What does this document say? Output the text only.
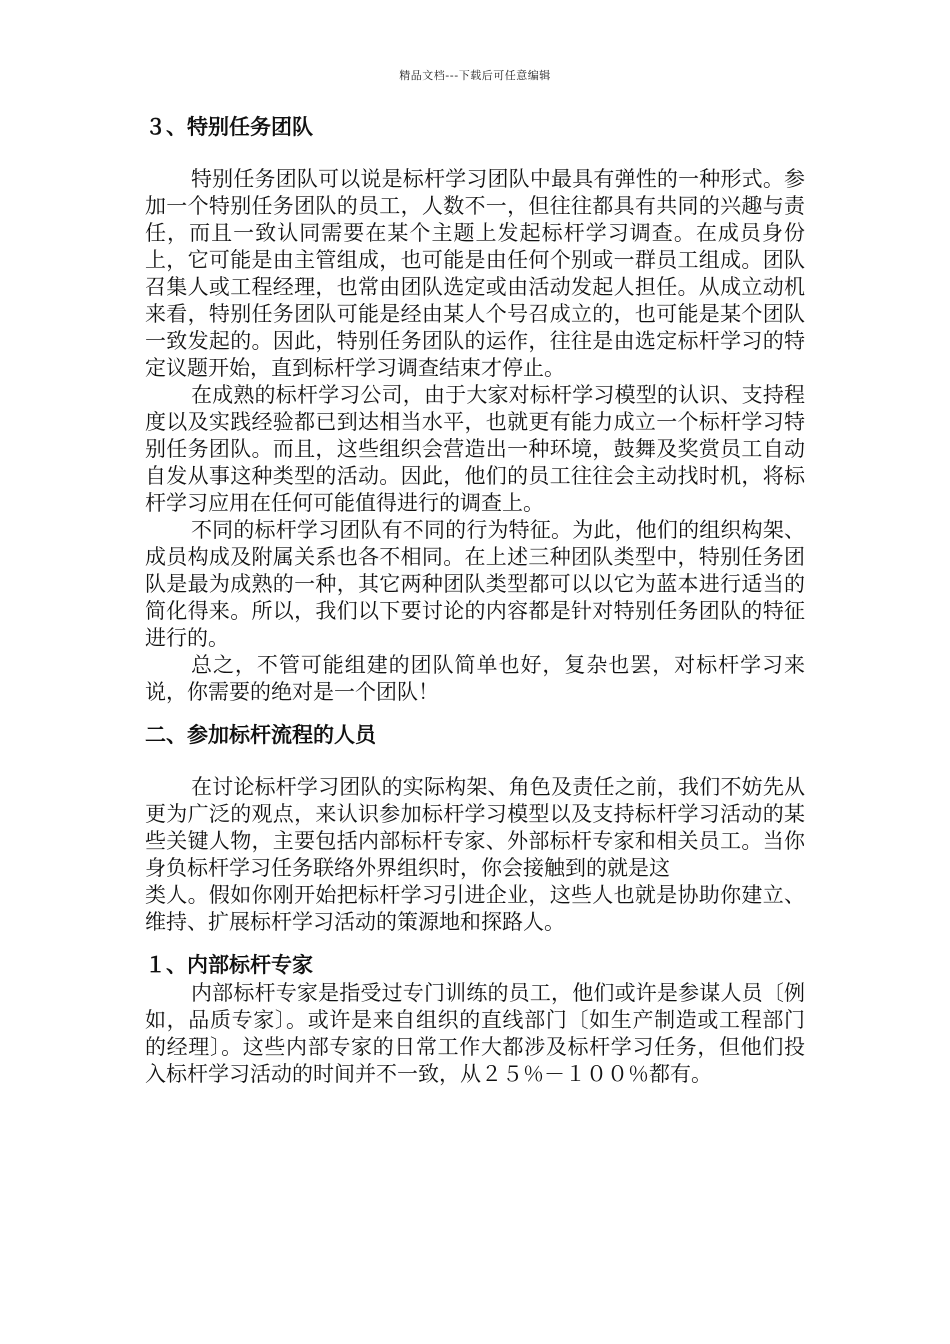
精品文档---下载后可任意编辑
３、特别任务团队

特别任务团队可以说是标杆学习团队中最具有弹性的一种形式。参加一个特别任务团队的员工，人数不一，但往往都具有共同的兴趣与责任，而且一致认同需要在某个主题上发起标杆学习调查。在成员身份上，它可能是由主管组成，也可能是由任何个别或一群员工组成。团队召集人或工程经理，也常由团队选定或由活动发起人担任。从成立动机来看，特别任务团队可能是经由某人个号召成立的，也可能是某个团队一致发起的。因此，特别任务团队的运作，往往是由选定标杆学习的特定议题开始，直到标杆学习调查结束才停止。

在成熟的标杆学习公司，由于大家对标杆学习模型的认识、支持程度以及实践经验都已到达相当水平，也就更有能力成立一个标杆学习特别任务团队。而且，这些组织会营造出一种环境，鼓舞及奖赏员工自动自发从事这种类型的活动。因此，他们的员工往往会主动找时机，将标杆学习应用在任何可能值得进行的调查上。

不同的标杆学习团队有不同的行为特征。为此，他们的组织构架、成员构成及附属关系也各不相同。在上述三种团队类型中，特别任务团队是最为成熟的一种，其它两种团队类型都可以以它为蓝本进行适当的简化得来。所以，我们以下要讨论的内容都是针对特别任务团队的特征进行的。

总之，不管可能组建的团队简单也好，复杂也罢，对标杆学习来说，你需要的绝对是一个团队！

二、参加标杆流程的人员

在讨论标杆学习团队的实际构架、角色及责任之前，我们不妨先从更为广泛的观点，来认识参加标杆学习模型以及支持标杆学习活动的某些关键人物，主要包括内部标杆专家、外部标杆专家和相关员工。当你身负标杆学习任务联络外界组织时，你会接触到的就是这

类人。假如你刚开始把标杆学习引进企业，这些人也就是协助你建立、维持、扩展标杆学习活动的策源地和探路人。

１、内部标杆专家

内部标杆专家是指受过专门训练的员工，他们或许是参谋人员〔例如，品质专家〕。或许是来自组织的直线部门〔如生产制造或工程部门的经理〕。这些内部专家的日常工作大都涉及标杆学习任务，但他们投入标杆学习活动的时间并不一致，从２５％－１００％都有。
